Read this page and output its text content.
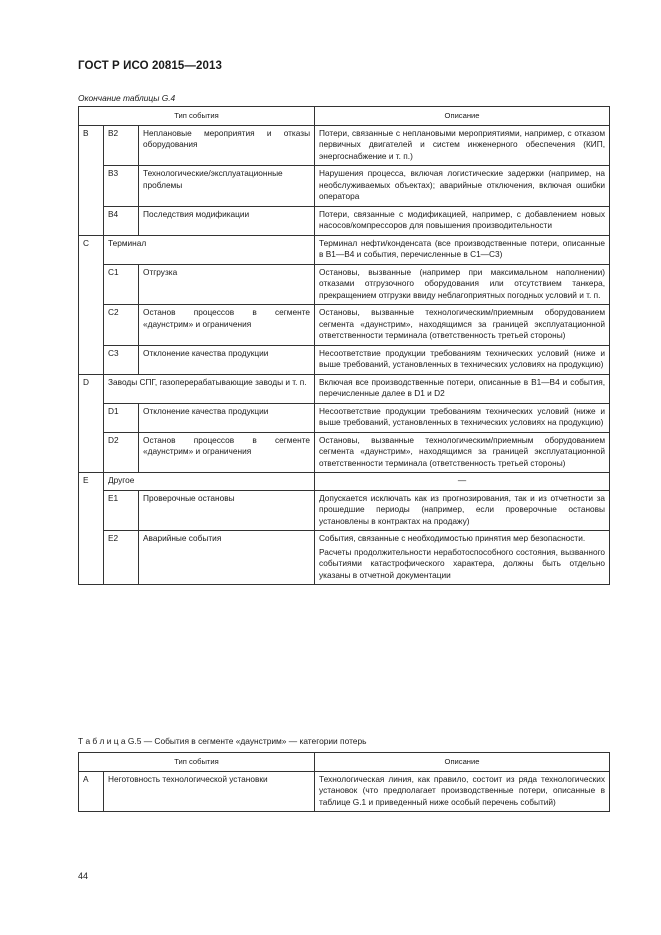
ГОСТ Р ИСО 20815—2013
Окончание таблицы G.4
Тип события			Описание
B	B2	Неплановые мероприятия и отказы оборудования	Потери, связанные с неплановыми мероприятиями, например, с отказом первичных двигателей и систем инженерного обеспечения (КИП, энергоснабжение и т. п.)
	B3	Технологические/эксплуатационные проблемы	Нарушения процесса, включая логистические задержки (например, на необслуживаемых объектах); аварийные отключения, включая ошибки оператора
	B4	Последствия модификации	Потери, связанные с модификацией, например, с добавлением новых насосов/компрессоров для повышения производительности
C	Терминал		Терминал нефти/конденсата (все производственные потери, описанные в B1—B4 и события, перечисленные в C1—C3)
	C1	Отгрузка	Остановы, вызванные (например при максимальном наполнении) отказами отгрузочного оборудования или отсутствием танкера, прекращением отгрузки ввиду неблагоприятных погодных условий и т. п.
	C2	Останов процессов в сегменте «даунстрим» и ограничения	Остановы, вызванные технологическим/приемным оборудованием сегмента «даунстрим», находящимся за границей эксплуатационной ответственности терминала (ответственность третьей стороны)
	C3	Отклонение качества продукции	Несоответствие продукции требованиям технических условий (ниже и выше требований, установленных в технических условиях на продукцию)
D	Заводы СПГ, газоперерабатывающие заводы и т. п.		Включая все производственные потери, описанные в B1—B4 и события, перечисленные далее в D1 и D2
	D1	Отклонение качества продукции	Несоответствие продукции требованиям технических условий (ниже и выше требований, установленных в технических условиях на продукцию)
	D2	Останов процессов в сегменте «даунстрим» и ограничения	Остановы, вызванные технологическим/приемным оборудованием сегмента «даунстрим», находящимся за границей эксплуатационной ответственности терминала (ответственность третьей стороны)
E	Другое		—
	E1	Проверочные остановы	Допускается исключать как из прогнозирования, так и из отчетности за прошедшие периоды (например, если проверочные остановы установлены в контрактах на продажу)
	E2	Аварийные события	События, связанные с необходимостью принятия мер безопасности.
Расчеты продолжительности неработоспособного состояния, вызванного событиями катастрофического характера, должны быть отдельно указаны в отчетной документации
Т а б л и ц а G.5 — События в сегменте «даунстрим» — категории потерь
Тип события		Описание
A	Неготовность технологической установки	Технологическая линия, как правило, состоит из ряда технологических установок (что предполагает производственные потери, описанные в таблице G.1 и приведенный ниже особый перечень событий)
44
